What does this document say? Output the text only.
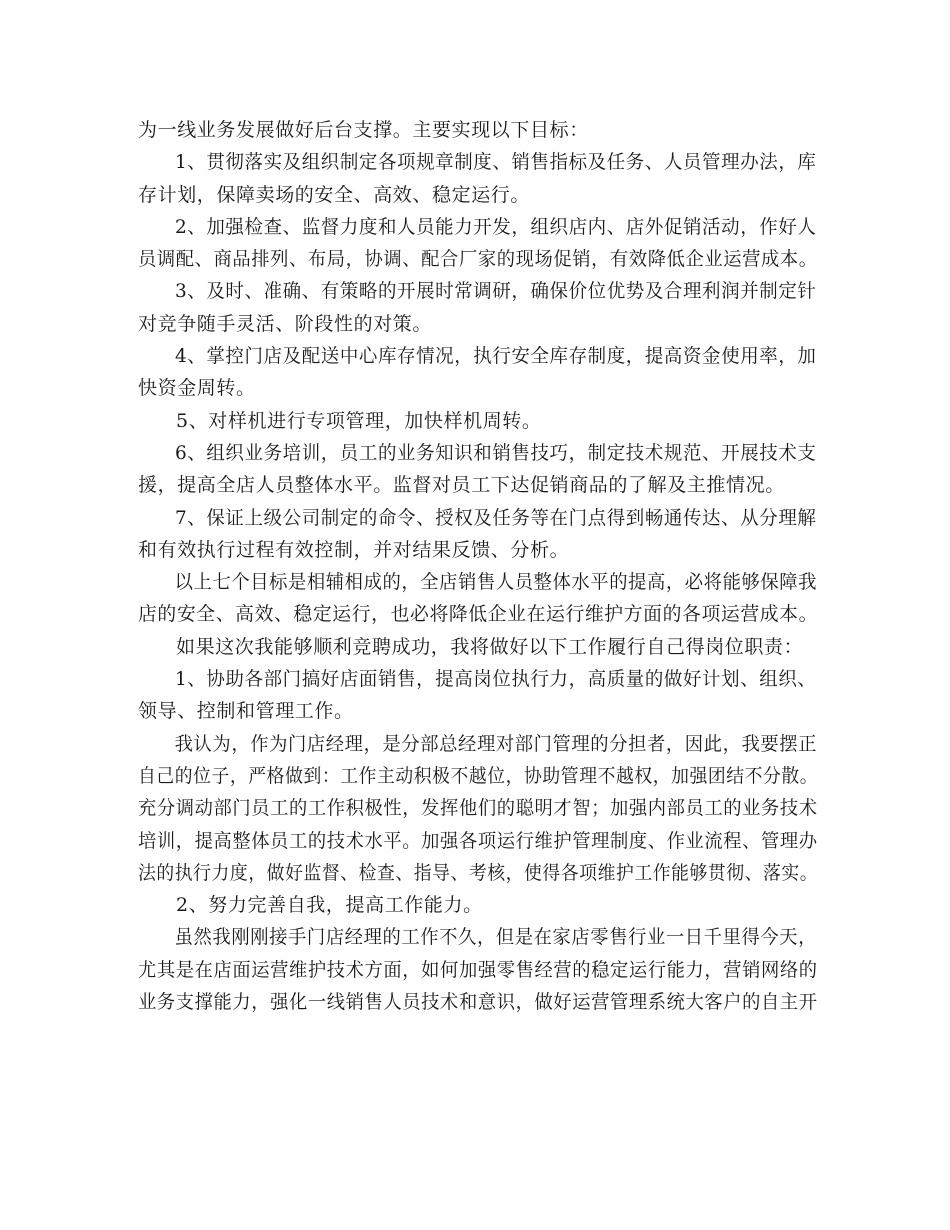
为一线业务发展做好后台支撑。主要实现以下目标：
1、贯彻落实及组织制定各项规章制度、销售指标及任务、人员管理办法，库
存计划，保障卖场的安全、高效、稳定运行。
2、加强检查、监督力度和人员能力开发，组织店内、店外促销活动，作好人
员调配、商品排列、布局，协调、配合厂家的现场促销，有效降低企业运营成本。
3、及时、准确、有策略的开展时常调研，确保价位优势及合理利润并制定针
对竞争随手灵活、阶段性的对策。
4、掌控门店及配送中心库存情况，执行安全库存制度，提高资金使用率，加
快资金周转。
5、对样机进行专项管理，加快样机周转。
6、组织业务培训，员工的业务知识和销售技巧，制定技术规范、开展技术支
援，提高全店人员整体水平。监督对员工下达促销商品的了解及主推情况。
7、保证上级公司制定的命令、授权及任务等在门点得到畅通传达、从分理解
和有效执行过程有效控制，并对结果反馈、分析。
以上七个目标是相辅相成的，全店销售人员整体水平的提高，必将能够保障我
店的安全、高效、稳定运行，也必将降低企业在运行维护方面的各项运营成本。
如果这次我能够顺利竞聘成功，我将做好以下工作履行自己得岗位职责：
1、协助各部门搞好店面销售，提高岗位执行力，高质量的做好计划、组织、
领导、控制和管理工作。
我认为，作为门店经理，是分部总经理对部门管理的分担者，因此，我要摆正
自己的位子，严格做到：工作主动积极不越位，协助管理不越权，加强团结不分散。
充分调动部门员工的工作积极性，发挥他们的聪明才智；加强内部员工的业务技术
培训，提高整体员工的技术水平。加强各项运行维护管理制度、作业流程、管理办
法的执行力度，做好监督、检查、指导、考核，使得各项维护工作能够贯彻、落实。
2、努力完善自我，提高工作能力。
虽然我刚刚接手门店经理的工作不久，但是在家店零售行业一日千里得今天，
尤其是在店面运营维护技术方面，如何加强零售经营的稳定运行能力，营销网络的
业务支撑能力，强化一线销售人员技术和意识，做好运营管理系统大客户的自主开
